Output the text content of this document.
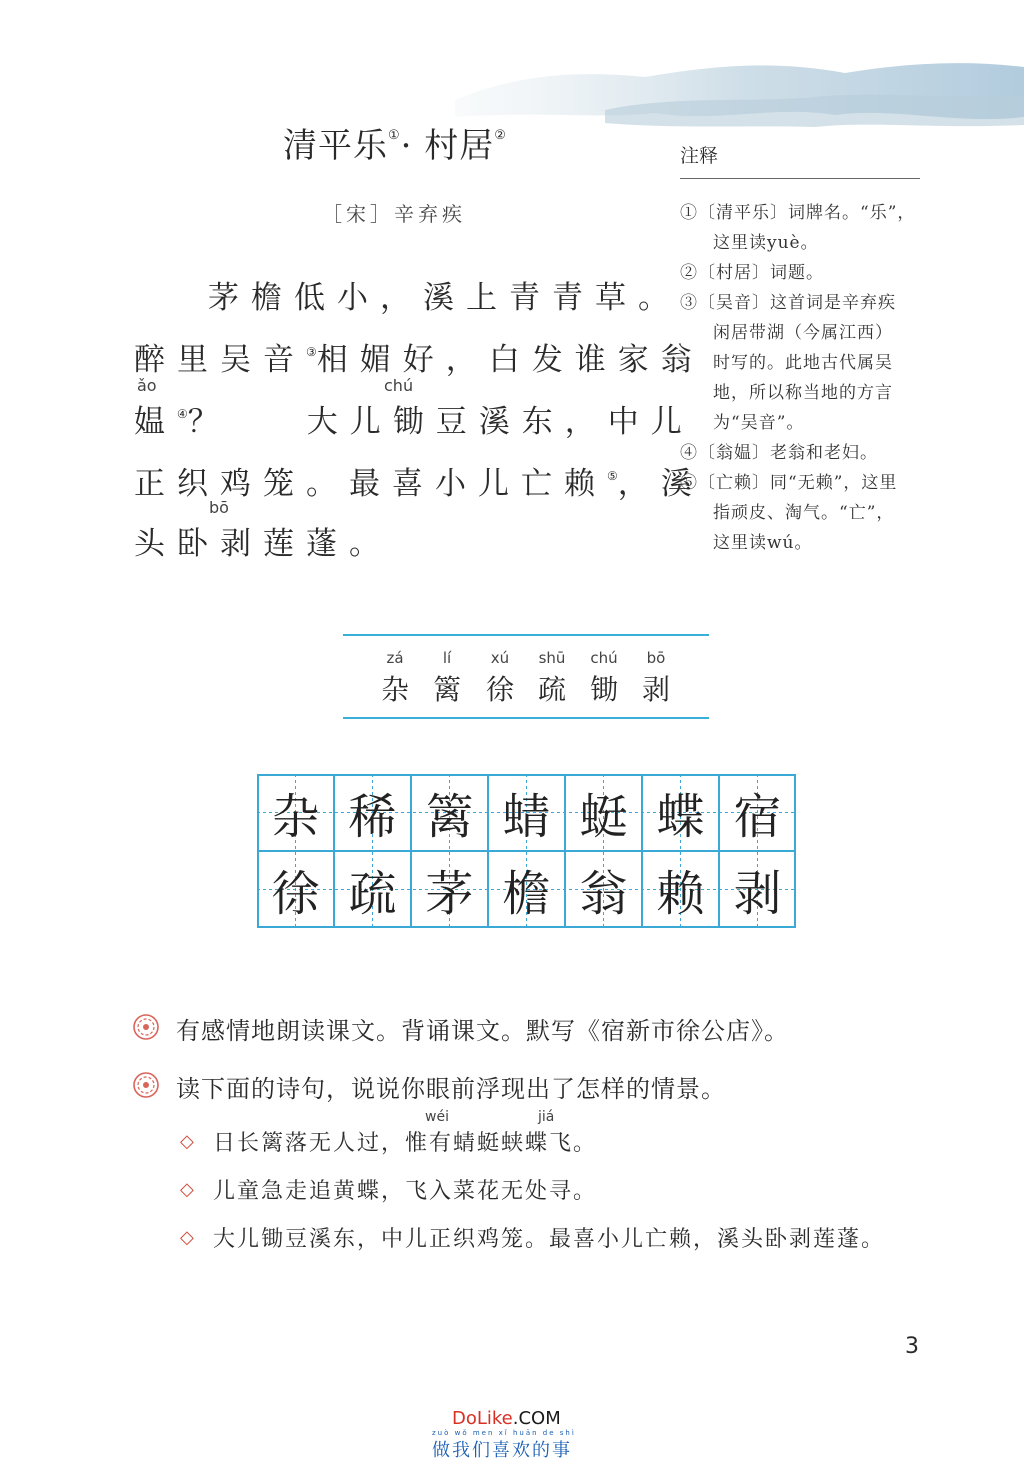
清平乐①· 村居②
［宋］辛弃疾
茅檐低小，溪上青青草。
醉里吴音③相媚好，白发谁家翁
ǎo	chú
媪④？ 大儿锄豆溪东，中儿
正织鸡笼。最喜小儿亡赖⑤，溪
bō
头卧剥莲蓬。
注释
①〔清平乐〕词牌名。“乐”，
这里读yuè。
②〔村居〕词题。
③〔吴音〕这首词是辛弃疾
闲居带湖（今属江西）
时写的。此地古代属吴
地，所以称当地的方言
为“吴音”。
④〔翁媪〕老翁和老妇。
⑤〔亡赖〕同“无赖”，这里
指顽皮、淘气。“亡”，
这里读wú。
zá	lí	xú	shū	chú	bō
杂 篱 徐 疏 锄 剥
杂 稀 篱 蜻 蜓 蝶 宿
徐 疏 茅 檐 翁 赖 剥
有感情地朗读课文。背诵课文。默写《宿新市徐公店》。
读下面的诗句，说说你眼前浮现出了怎样的情景。
wéi	jiá
◇ 日长篱落无人过，惟有蜻蜓蛱蝶飞。
◇ 儿童急走追黄蝶，飞入菜花无处寻。
◇ 大儿锄豆溪东，中儿正织鸡笼。最喜小儿亡赖，溪头卧剥莲蓬。
3
DoLike.COM
zuò wǒ men xǐ huān de shì
做我们喜欢的事
